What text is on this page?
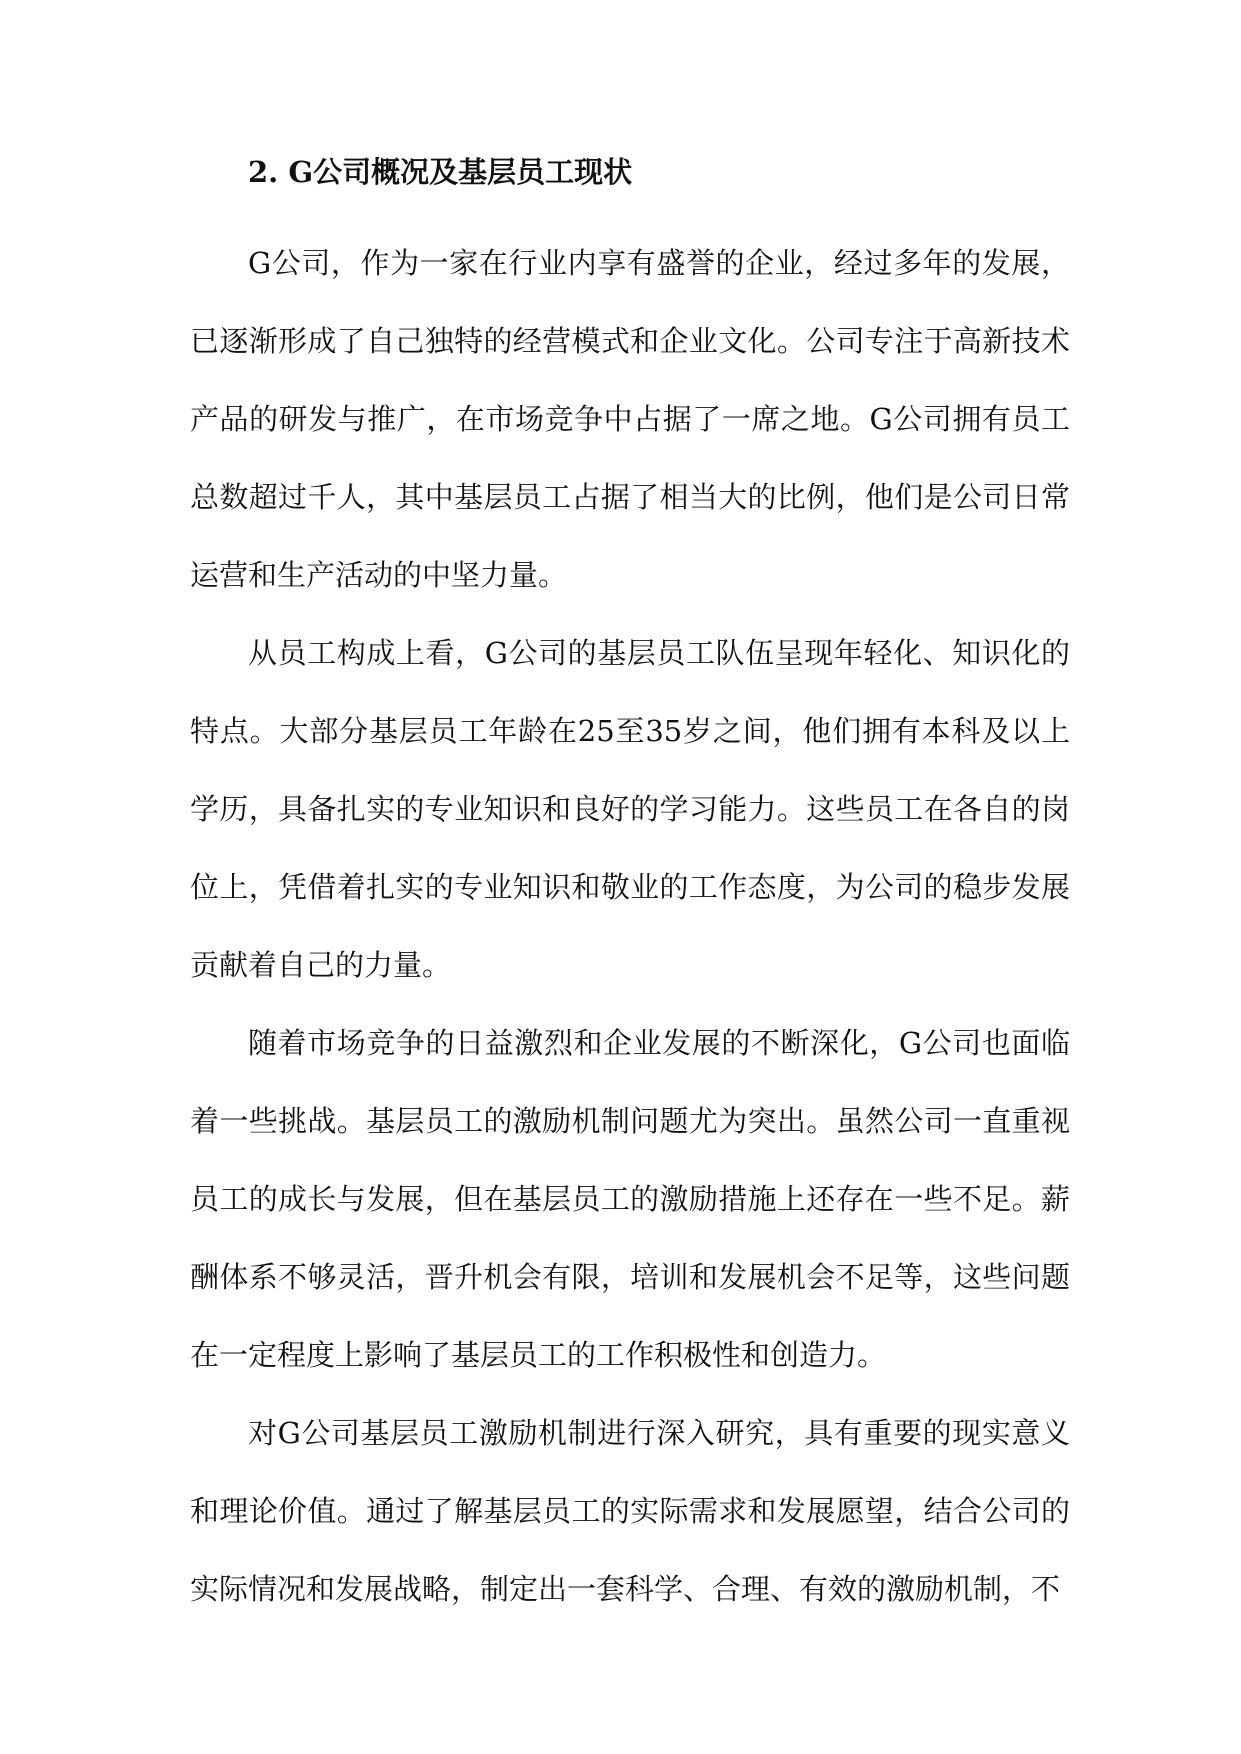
2. G公司概况及基层员工现状

G公司，作为一家在行业内享有盛誉的企业，经过多年的发展，已逐渐形成了自己独特的经营模式和企业文化。公司专注于高新技术产品的研发与推广，在市场竞争中占据了一席之地。G公司拥有员工总数超过千人，其中基层员工占据了相当大的比例，他们是公司日常运营和生产活动的中坚力量。

从员工构成上看，G公司的基层员工队伍呈现年轻化、知识化的特点。大部分基层员工年龄在25至35岁之间，他们拥有本科及以上学历，具备扎实的专业知识和良好的学习能力。这些员工在各自的岗位上，凭借着扎实的专业知识和敬业的工作态度，为公司的稳步发展贡献着自己的力量。

随着市场竞争的日益激烈和企业发展的不断深化，G公司也面临着一些挑战。基层员工的激励机制问题尤为突出。虽然公司一直重视员工的成长与发展，但在基层员工的激励措施上还存在一些不足。薪酬体系不够灵活，晋升机会有限，培训和发展机会不足等，这些问题在一定程度上影响了基层员工的工作积极性和创造力。

对G公司基层员工激励机制进行深入研究，具有重要的现实意义和理论价值。通过了解基层员工的实际需求和发展愿望，结合公司的实际情况和发展战略，制定出一套科学、合理、有效的激励机制，不
